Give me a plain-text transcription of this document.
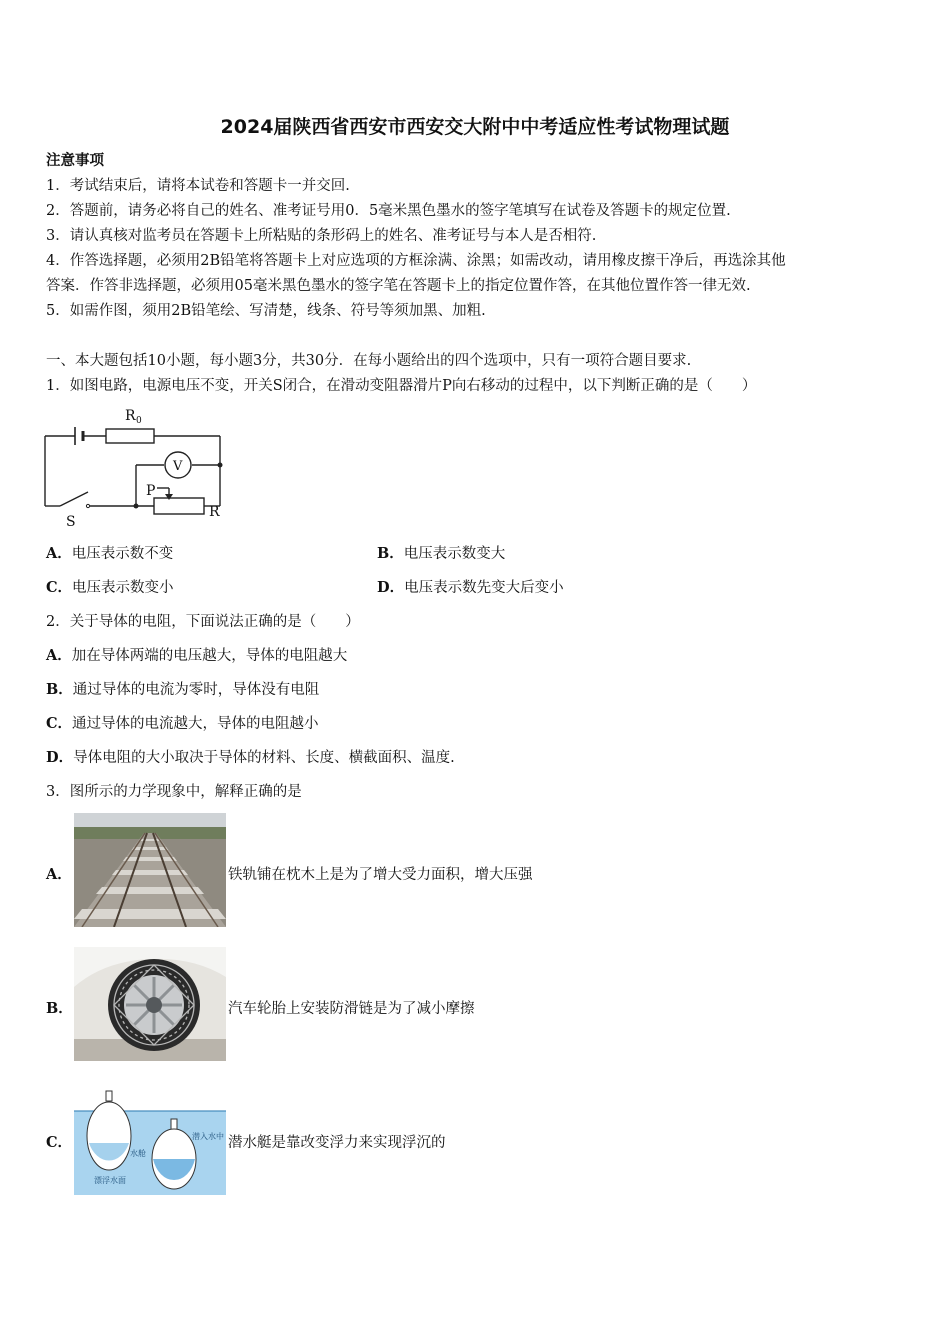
2024届陕西省西安市西安交大附中中考适应性考试物理试题
注意事项
1．考试结束后，请将本试卷和答题卡一并交回.
2．答题前，请务必将自己的姓名、准考证号用0．5毫米黑色墨水的签字笔填写在试卷及答题卡的规定位置.
3．请认真核对监考员在答题卡上所粘贴的条形码上的姓名、准考证号与本人是否相符.
4．作答选择题，必须用2B铅笔将答题卡上对应选项的方框涂满、涂黑；如需改动，请用橡皮擦干净后，再选涂其他
答案．作答非选择题，必须用05毫米黑色墨水的签字笔在答题卡上的指定位置作答，在其他位置作答一律无效.
5．如需作图，须用2B铅笔绘、写清楚，线条、符号等须加黑、加粗.
一、本大题包括10小题，每小题3分，共30分．在每小题给出的四个选项中，只有一项符合题目要求.
1．如图电路，电源电压不变，开关S闭合，在滑动变阻器滑片P向右移动的过程中，以下判断正确的是（　　）
R 0
V
P
R
S
A．电压表示数不变	B．电压表示数变大
C．电压表示数变小	D．电压表示数先变大后变小
2．关于导体的电阻，下面说法正确的是（　　）
A．加在导体两端的电压越大，导体的电阻越大
B．通过导体的电流为零时，导体没有电阻
C．通过导体的电流越大，导体的电阻越小
D．导体电阻的大小取决于导体的材料、长度、横截面积、温度.
3．图所示的力学现象中，解释正确的是
A．	铁轨铺在枕木上是为了增大受力面积，增大压强
B．	汽车轮胎上安装防滑链是为了减小摩擦
C．
漂浮水面
水舱
潜入水中 潜水艇是靠改变浮力来实现浮沉的
